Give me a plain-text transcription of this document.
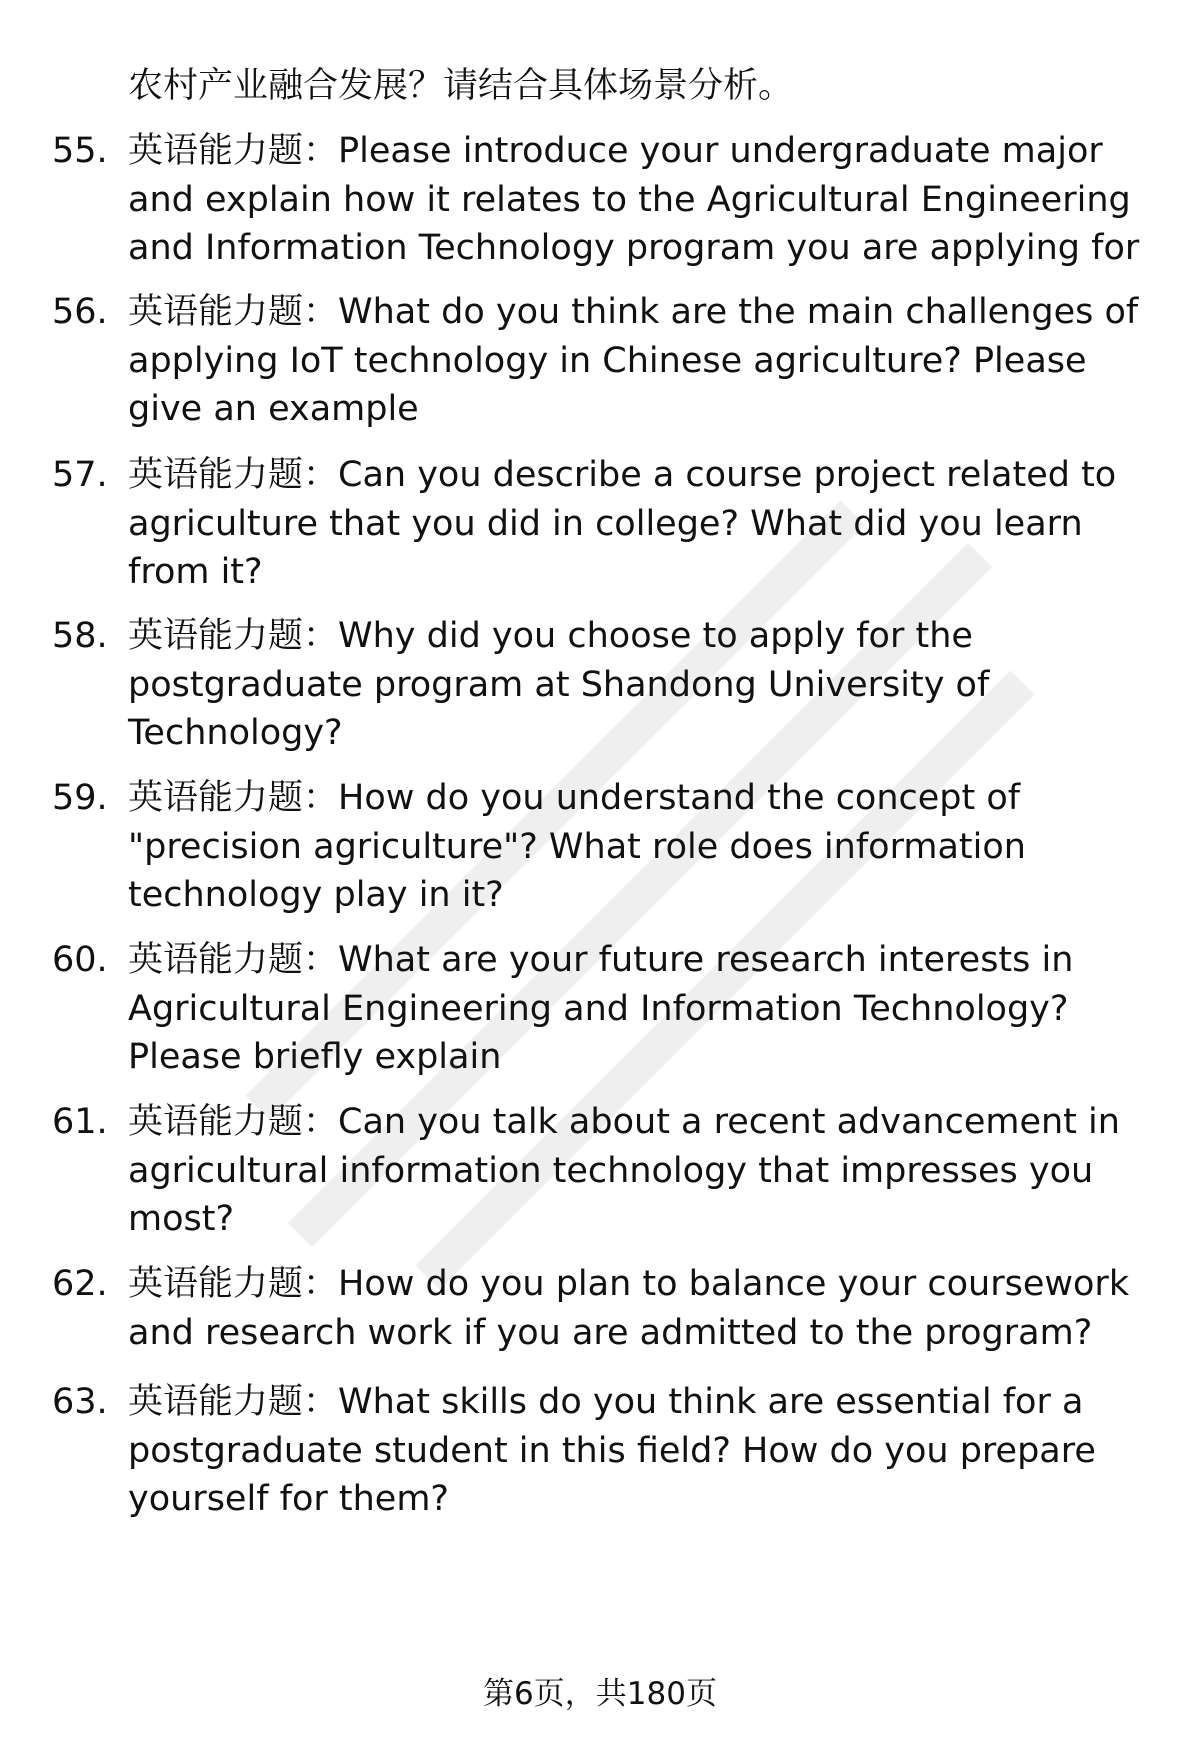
农村产业融合发展？请结合具体场景分析。

55. 英语能力题：Please introduce your undergraduate major and explain how it relates to the Agricultural Engineering and Information Technology program you are applying for

56. 英语能力题：What do you think are the main challenges of applying IoT technology in Chinese agriculture? Please give an example

57. 英语能力题：Can you describe a course project related to agriculture that you did in college? What did you learn from it?

58. 英语能力题：Why did you choose to apply for the postgraduate program at Shandong University of Technology?

59. 英语能力题：How do you understand the concept of "precision agriculture"? What role does information technology play in it?

60. 英语能力题：What are your future research interests in Agricultural Engineering and Information Technology? Please briefly explain

61. 英语能力题：Can you talk about a recent advancement in agricultural information technology that impresses you most?

62. 英语能力题：How do you plan to balance your coursework and research work if you are admitted to the program?

63. 英语能力题：What skills do you think are essential for a postgraduate student in this field? How do you prepare yourself for them?

第6页，共180页
